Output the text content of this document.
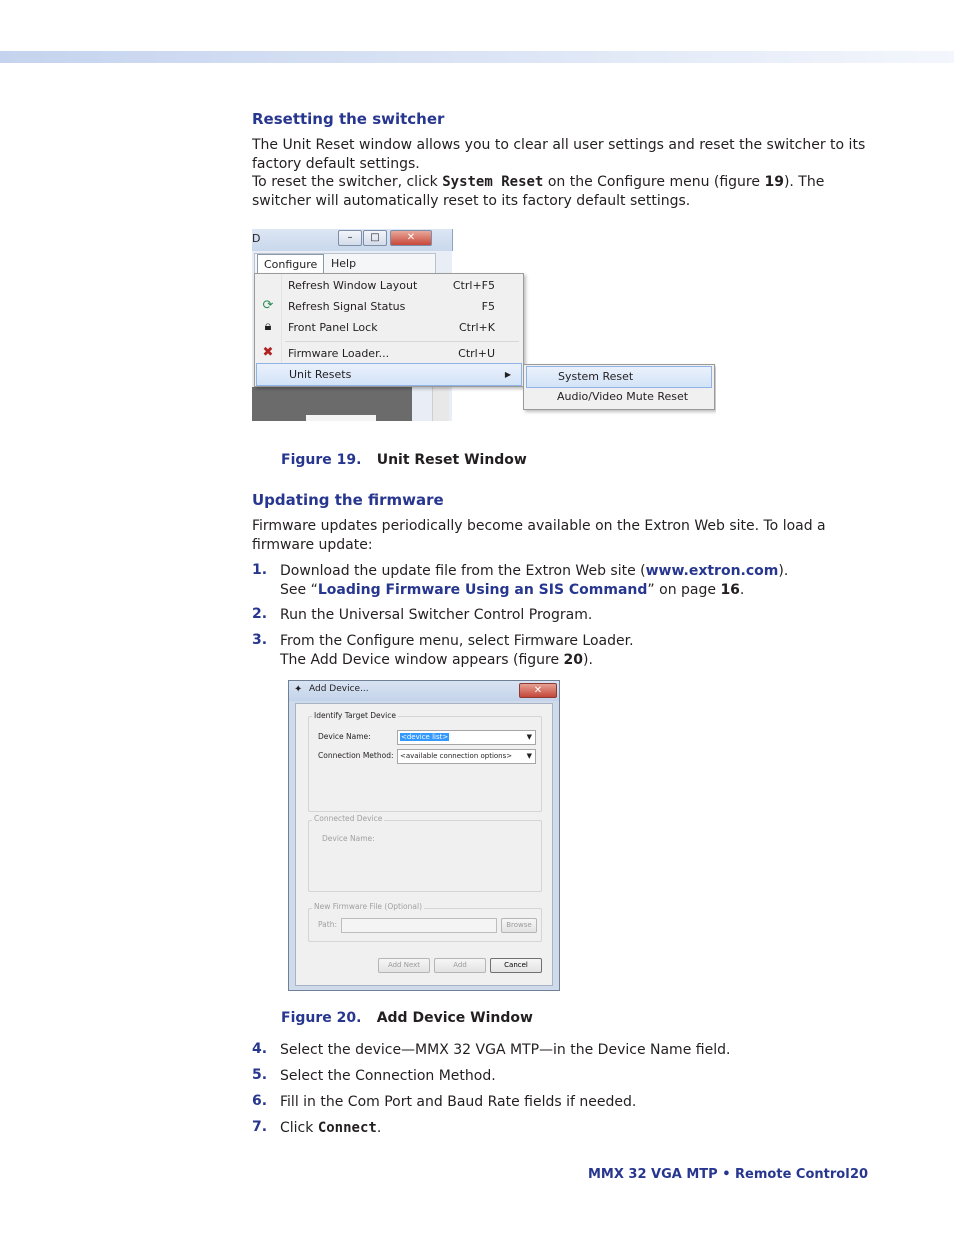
Resetting the switcher
The Unit Reset window allows you to clear all user settings and reset the switcher to its factory default settings.
To reset the switcher, click System Reset on the Configure menu (figure 19). The switcher will automatically reset to its factory default settings.
D	–	□	✕
Configure	Help
Refresh Window Layout	Ctrl+F5
⟳ Refresh Signal Status	F5
🔒︎	Front Panel Lock	Ctrl+K
✖ Firmware Loader...	Ctrl+U
Unit Resets	▶	System Reset
Audio/Video Mute Reset
Figure 19. Unit Reset Window
Updating the firmware
Firmware updates periodically become available on the Extron Web site. To load a firmware update:
1. Download the update file from the Extron Web site (www.extron.com).
See “Loading Firmware Using an SIS Command” on page 16.
2. Run the Universal Switcher Control Program.
3. From the Configure menu, select Firmware Loader.
The Add Device window appears (figure 20).
✦ Add Device...	✕
Identify Target Device
Device Name:	<device list>	▼
Connection Method: <available connection options> ▼
Connected Device
Device Name:
New Firmware File (Optional)
Path:	Browse
Add Next	Add	Cancel
Figure 20. Add Device Window
4. Select the device—MMX 32 VGA MTP—in the Device Name field.
5. Select the Connection Method.
6. Fill in the Com Port and Baud Rate fields if needed.
7. Click Connect.
MMX 32 VGA MTP • Remote Control 20
